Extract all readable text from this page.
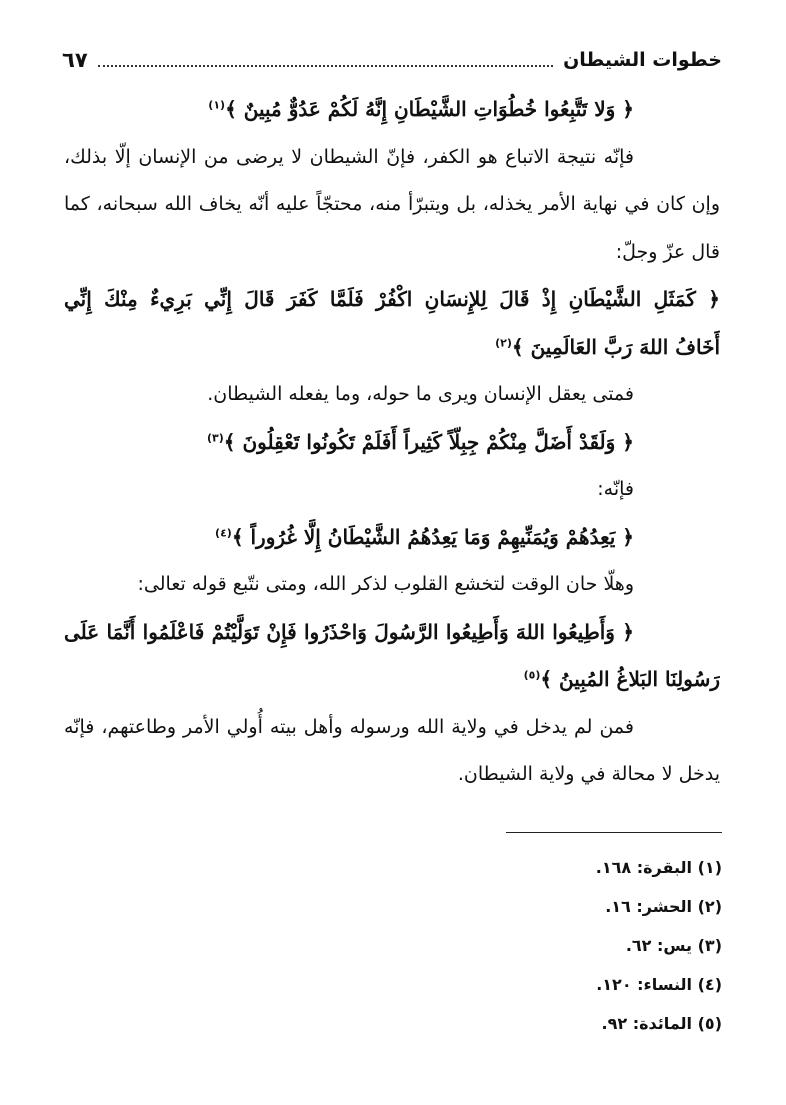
خطوات الشيطان
٦٧
﴿ وَلا تَتَّبِعُوا خُطُوَاتِ الشَّيْطَانِ إِنَّهُ لَكُمْ عَدُوٌّ مُبِينٌ ﴾$^{(١)}$
فإنّه نتيجة الاتباع هو الكفر، فإنّ الشيطان لا يرضى من الإنسان إلّا بذلك،
وإن كان في نهاية الأمر يخذله، بل ويتبرّأ منه، محتجّاً عليه أنّه يخاف الله سبحانه، كما
قال عزّ وجلّ:
﴿ كَمَثَلِ الشَّيْطَانِ إِذْ قَالَ لِلإِنسَانِ اكْفُرْ فَلَمَّا كَفَرَ قَالَ إِنِّي بَرِيءٌ مِنْكَ إِنِّي
أَخَافُ اللهَ رَبَّ العَالَمِينَ ﴾$^{(٢)}$
فمتى يعقل الإنسان ويرى ما حوله، وما يفعله الشيطان.
﴿ وَلَقَدْ أَضَلَّ مِنْكُمْ جِبِلّاً كَثِيراً أَفَلَمْ تَكُونُوا تَعْقِلُونَ ﴾$^{(٣)}$
فإنّه:
﴿ يَعِدُهُمْ وَيُمَنِّيهِمْ وَمَا يَعِدُهُمُ الشَّيْطَانُ إِلَّا غُرُوراً ﴾$^{(٤)}$
وهلّا حان الوقت لتخشع القلوب لذكر الله، ومتى نتّبع قوله تعالى:
﴿ وَأَطِيعُوا اللهَ وَأَطِيعُوا الرَّسُولَ وَاحْذَرُوا فَإِنْ تَوَلَّيْتُمْ فَاعْلَمُوا أَنَّمَا عَلَى
رَسُولِنَا البَلاغُ المُبِينُ ﴾$^{(٥)}$
فمن لم يدخل في ولاية الله ورسوله وأهل بيته أُولي الأمر وطاعتهم، فإنّه
يدخل لا محالة في ولاية الشيطان.
(١) البقرة: ١٦٨.
(٢) الحشر: ١٦.
(٣) يس: ٦٢.
(٤) النساء: ١٢٠.
(٥) المائدة: ٩٢.
